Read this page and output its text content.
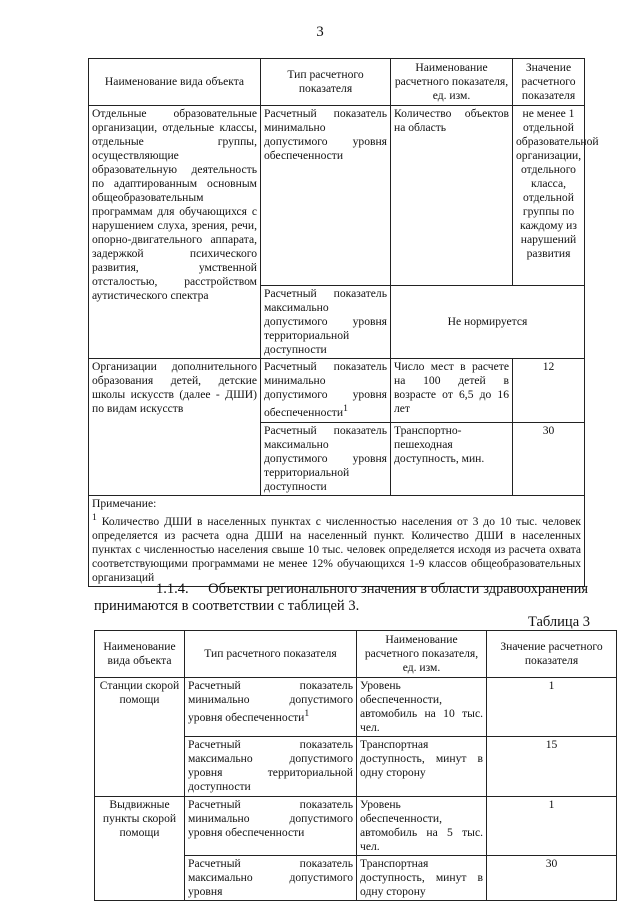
3
Наименование вида объекта	Тип расчетного показателя	Наименование расчетного показателя, ед. изм.	Значение расчетного показателя
Отдельные образовательные организации, отдельные классы, отдельные группы, осуществляющие образовательную деятельность по адаптированным основным общеобразовательным программам для обучающихся с нарушением слуха, зрения, речи, опорно-двигательного аппарата, задержкой психического развития, умственной отсталостью, расстройством аутистического спектра	Расчетный показатель минимально допустимого уровня обеспеченности	Количество объектов на область	не менее 1 отдельной образовательной организации, отдельного класса, отдельной группы по каждому из нарушений развития
	Расчетный показатель максимально допустимого уровня территориальной доступности	Не нормируется	
Организации дополнительного образования детей, детские школы искусств (далее - ДШИ) по видам искусств	Расчетный показатель минимально допустимого уровня обеспеченности$^1$	Число мест в расчете на 100 детей в возрасте от 6,5 до 16 лет	12
	Расчетный показатель максимально допустимого уровня территориальной доступности	Транспортно-пешеходная доступность, мин.	30

Примечание:
$^1$ Количество ДШИ в населенных пунктах с численностью населения от 3 до 10 тыс. человек определяется из расчета одна ДШИ на населенный пункт. Количество ДШИ в населенных пунктах с численностью населения свыше 10 тыс. человек определяется исходя из расчета охвата соответствующими программами не менее 12% обучающихся 1-9 классов общеобразовательных организаций			
1.1.4. Объекты регионального значения в области здравоохранения принимаются в соответствии с таблицей 3.
Таблица 3
Наименование вида объекта	Тип расчетного показателя	Наименование расчетного показателя, ед. изм.	Значение расчетного показателя
Станции скорой помощи	Расчетный показатель минимально допустимого уровня обеспеченности$^1$	Уровень обеспеченности, автомобиль на 10 тыс. чел.	1
	Расчетный показатель максимально допустимого уровня территориальной доступности	Транспортная доступность, минут в одну сторону	15
Выдвижные пункты скорой помощи	Расчетный показатель минимально допустимого уровня обеспеченности	Уровень обеспеченности, автомобиль на 5 тыс. чел.	1
	Расчетный показатель максимально допустимого уровня	Транспортная доступность, минут в одну сторону	30
